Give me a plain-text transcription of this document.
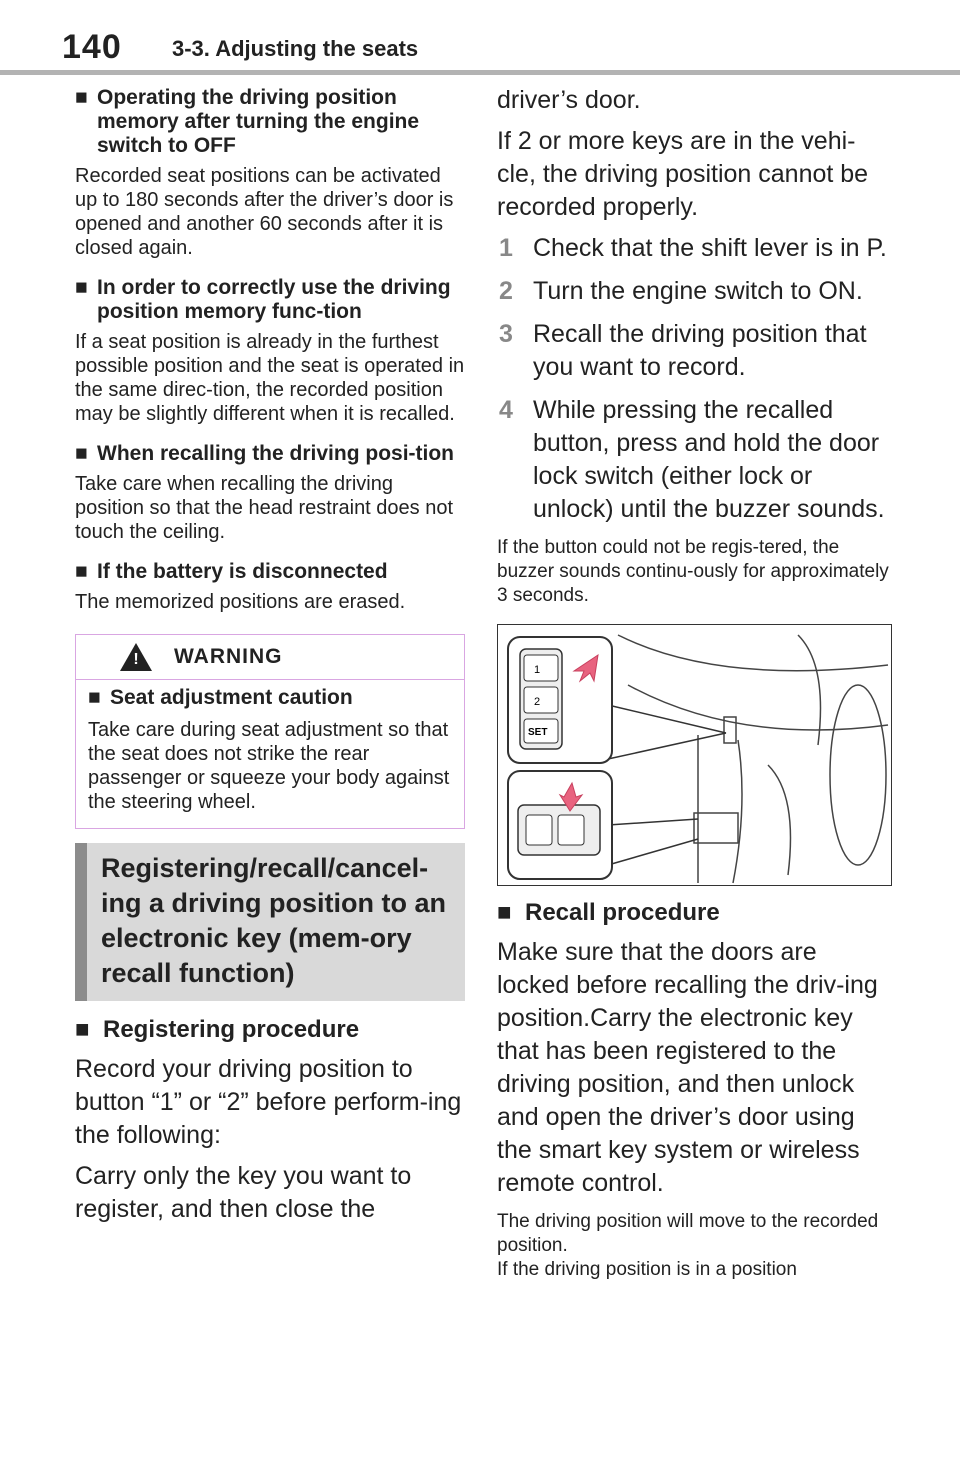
140 3-3. Adjusting the seats

■ Operating the driving position memory after turning the engine switch to OFF

Recorded seat positions can be activated up to 180 seconds after the driver’s door is opened and another 60 seconds after it is closed again.

■ In order to correctly use the driving position memory func-tion

If a seat position is already in the furthest possible position and the seat is operated in the same direc-tion, the recorded position may be slightly different when it is recalled.

■ When recalling the driving posi-tion

Take care when recalling the driving position so that the head restraint does not touch the ceiling.

■ If the battery is disconnected

The memorized positions are erased.

! WARNING

■ Seat adjustment caution

Take care during seat adjustment so that the seat does not strike the rear passenger or squeeze your body against the steering wheel.

Registering/recall/cancel-ing a driving position to an electronic key (mem-ory recall function)
■ Registering procedure

Record your driving position to button “1” or “2” before perform-ing the following:

Carry only the key you want to register, and then close the

driver’s door.

If 2 or more keys are in the vehi-cle, the driving position cannot be recorded properly.

1 Check that the shift lever is in P.
2 Turn the engine switch to ON.
3 Recall the driving position that you want to record.
4 While pressing the recalled button, press and hold the door lock switch (either lock or unlock) until the buzzer sounds.

If the button could not be regis-tered, the buzzer sounds continu-ously for approximately 3 seconds.

1
2
SET
■ Recall procedure

Make sure that the doors are locked before recalling the driv-ing position.Carry the electronic key that has been registered to the driving position, and then unlock and open the driver’s door using the smart key system or wireless remote control.

The driving position will move to the recorded position.

If the driving position is in a position
